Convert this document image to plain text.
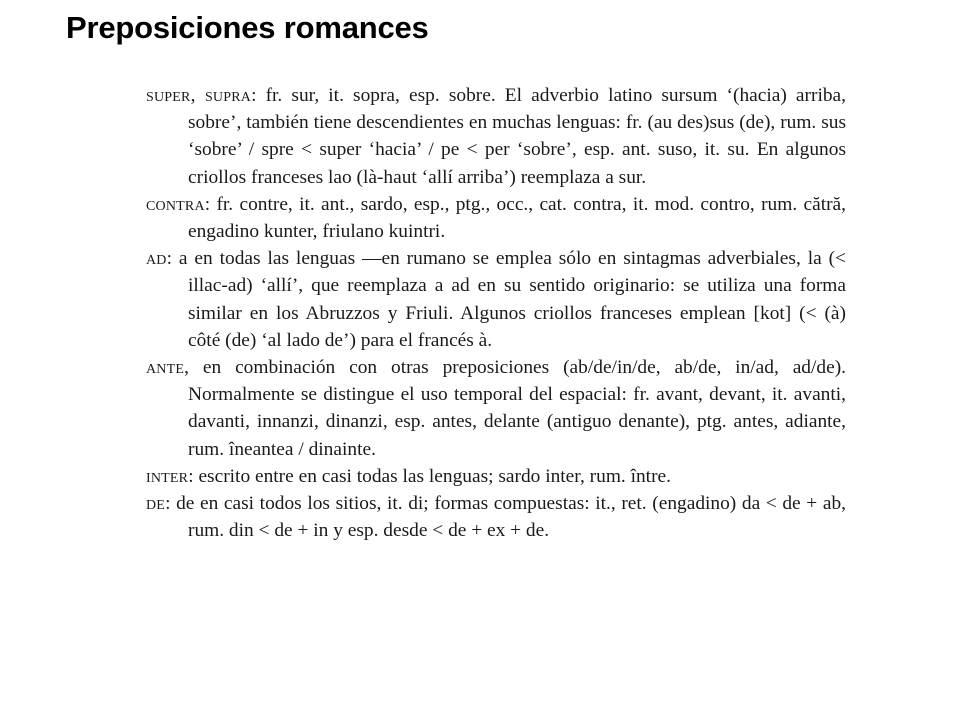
Preposiciones romances

super, supra: fr. sur, it. sopra, esp. sobre. El adverbio latino sursum ‘(hacia) arriba, sobre’, también tiene descendientes en muchas lenguas: fr. (au des)sus (de), rum. sus ‘sobre’ / spre < super ‘hacia’ / pe < per ‘sobre’, esp. ant. suso, it. su. En algunos criollos franceses lao (là-haut ‘allí arriba’) reemplaza a sur.

contra: fr. contre, it. ant., sardo, esp., ptg., occ., cat. contra, it. mod. contro, rum. cătră, engadino kunter, friulano kuintri.

ad: a en todas las lenguas —en rumano se emplea sólo en sintagmas adverbiales, la (< illac-ad) ‘allí’, que reemplaza a ad en su sentido originario: se utiliza una forma similar en los Abruzzos y Friuli. Algunos criollos franceses emplean [kot] (< (à) côté (de) ‘al lado de’) para el francés à.

ante, en combinación con otras preposiciones (ab/de/in/de, ab/de, in/ad, ad/de). Normalmente se distingue el uso temporal del espacial: fr. avant, devant, it. avanti, davanti, innanzi, dinanzi, esp. antes, delante (antiguo denante), ptg. antes, adiante, rum. îneantea / dinainte.

inter: escrito entre en casi todas las lenguas; sardo inter, rum. între.

de: de en casi todos los sitios, it. di; formas compuestas: it., ret. (engadino) da < de + ab, rum. din < de + in y esp. desde < de + ex + de.
